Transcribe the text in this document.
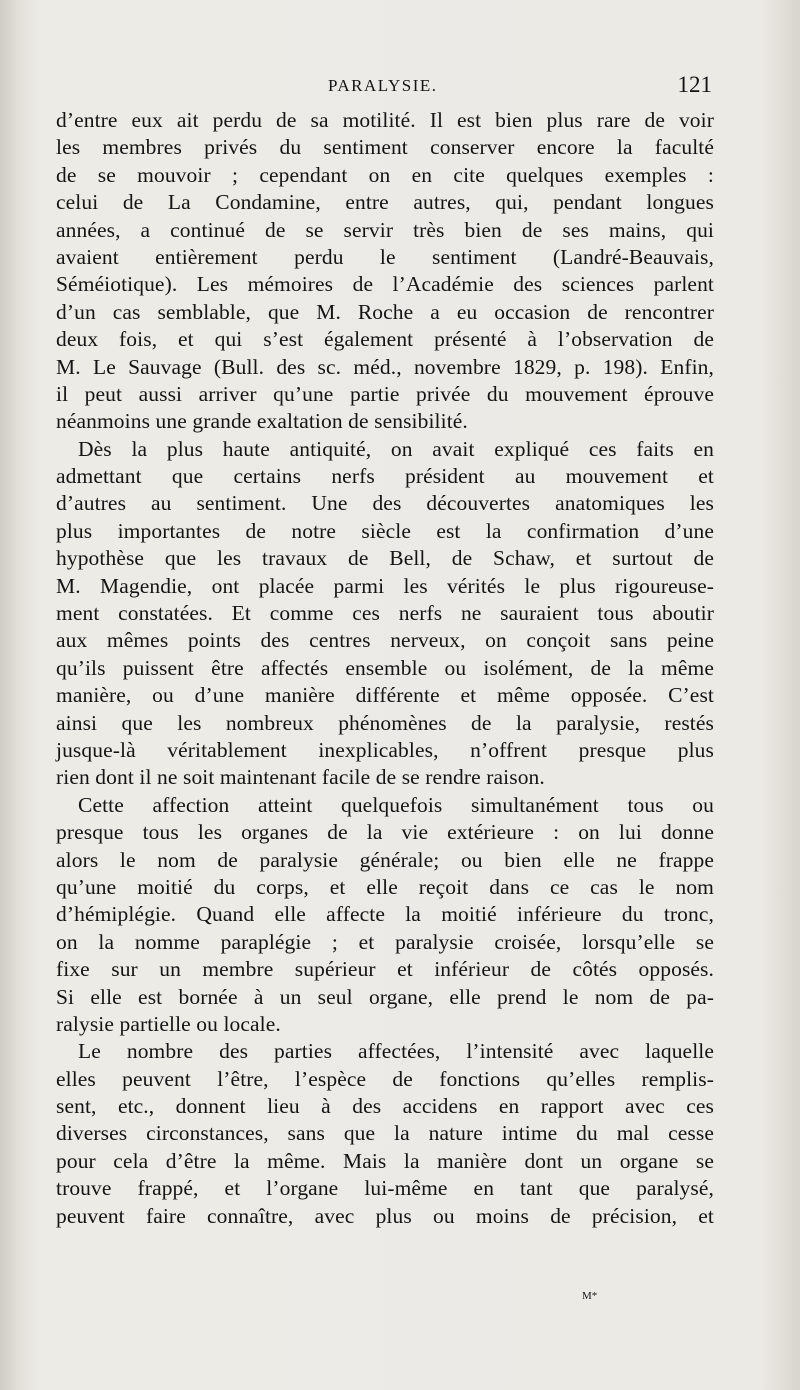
PARALYSIE.	121
d’entre eux ait perdu de sa motilité. Il est bien plus rare de voir
les membres privés du sentiment conserver encore la faculté
de se mouvoir ; cependant on en cite quelques exemples :
celui de La Condamine, entre autres, qui, pendant longues
années, a continué de se servir très bien de ses mains, qui
avaient entièrement perdu le sentiment (Landré-Beauvais,
Séméiotique). Les mémoires de l’Académie des sciences parlent
d’un cas semblable, que M. Roche a eu occasion de rencontrer
deux fois, et qui s’est également présenté à l’observation de
M. Le Sauvage (Bull. des sc. méd., novembre 1829, p. 198). Enfin,
il peut aussi arriver qu’une partie privée du mouvement éprouve
néanmoins une grande exaltation de sensibilité.
Dès la plus haute antiquité, on avait expliqué ces faits en
admettant que certains nerfs président au mouvement et
d’autres au sentiment. Une des découvertes anatomiques les
plus importantes de notre siècle est la confirmation d’une
hypothèse que les travaux de Bell, de Schaw, et surtout de
M. Magendie, ont placée parmi les vérités le plus rigoureuse-
ment constatées. Et comme ces nerfs ne sauraient tous aboutir
aux mêmes points des centres nerveux, on conçoit sans peine
qu’ils puissent être affectés ensemble ou isolément, de la même
manière, ou d’une manière différente et même opposée. C’est
ainsi que les nombreux phénomènes de la paralysie, restés
jusque-là véritablement inexplicables, n’offrent presque plus
rien dont il ne soit maintenant facile de se rendre raison.
Cette affection atteint quelquefois simultanément tous ou
presque tous les organes de la vie extérieure : on lui donne
alors le nom de paralysie générale; ou bien elle ne frappe
qu’une moitié du corps, et elle reçoit dans ce cas le nom
d’hémiplégie. Quand elle affecte la moitié inférieure du tronc,
on la nomme paraplégie ; et paralysie croisée, lorsqu’elle se
fixe sur un membre supérieur et inférieur de côtés opposés.
Si elle est bornée à un seul organe, elle prend le nom de pa-
ralysie partielle ou locale.
Le nombre des parties affectées, l’intensité avec laquelle
elles peuvent l’être, l’espèce de fonctions qu’elles remplis-
sent, etc., donnent lieu à des accidens en rapport avec ces
diverses circonstances, sans que la nature intime du mal cesse
pour cela d’être la même. Mais la manière dont un organe se
trouve frappé, et l’organe lui-même en tant que paralysé,
peuvent faire connaître, avec plus ou moins de précision, et
M*
